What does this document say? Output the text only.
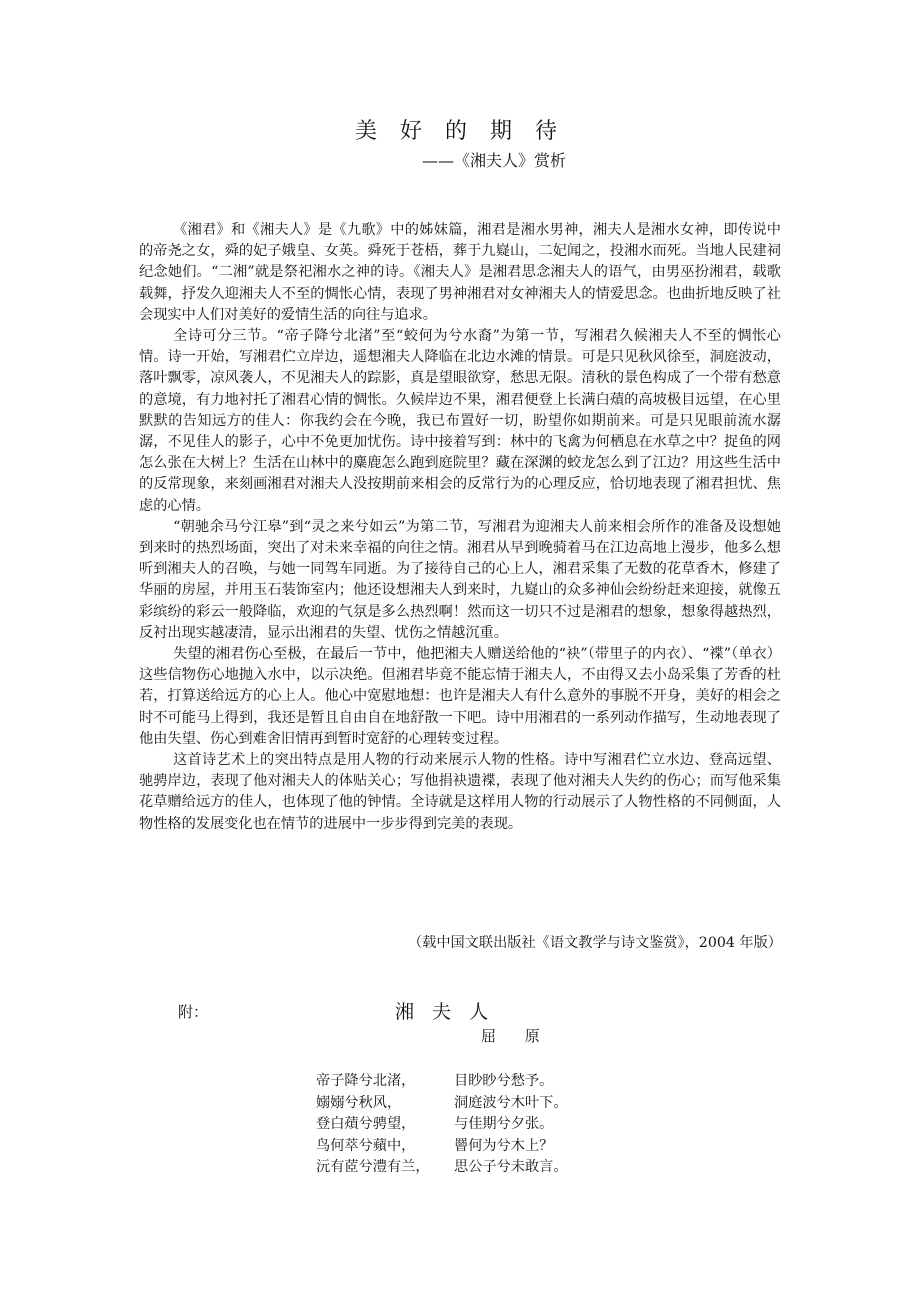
美 好 的 期 待
——《湘夫人》赏析

《湘君》和《湘夫人》是《九歌》中的姊妹篇，湘君是湘水男神，湘夫人是湘水女神，即传说中的帝尧之女，舜的妃子娥皇、女英。舜死于苍梧，葬于九嶷山，二妃闻之，投湘水而死。当地人民建祠纪念她们。“二湘”就是祭祀湘水之神的诗。《湘夫人》是湘君思念湘夫人的语气，由男巫扮湘君，载歌载舞，抒发久迎湘夫人不至的惆怅心情，表现了男神湘君对女神湘夫人的情爱思念。也曲折地反映了社会现实中人们对美好的爱情生活的向往与追求。

全诗可分三节。“帝子降兮北渚”至“蛟何为兮水裔”为第一节，写湘君久候湘夫人不至的惆怅心情。诗一开始，写湘君伫立岸边，遥想湘夫人降临在北边水滩的情景。可是只见秋风徐至，洞庭波动，落叶飘零，凉风袭人，不见湘夫人的踪影，真是望眼欲穿，愁思无限。清秋的景色构成了一个带有愁意的意境，有力地衬托了湘君心情的惆怅。久候岸边不果，湘君便登上长满白薠的高坡极目远望，在心里默默的告知远方的佳人：你我约会在今晚，我已布置好一切，盼望你如期前来。可是只见眼前流水潺潺，不见佳人的影子，心中不免更加忧伤。诗中接着写到：林中的飞禽为何栖息在水草之中？捉鱼的网怎么张在大树上？生活在山林中的麋鹿怎么跑到庭院里？藏在深渊的蛟龙怎么到了江边？用这些生活中的反常现象，来刻画湘君对湘夫人没按期前来相会的反常行为的心理反应，恰切地表现了湘君担忧、焦虑的心情。

“朝驰余马兮江皋”到“灵之来兮如云”为第二节，写湘君为迎湘夫人前来相会所作的准备及设想她到来时的热烈场面，突出了对未来幸福的向往之情。湘君从早到晚骑着马在江边高地上漫步，他多么想听到湘夫人的召唤，与她一同驾车同逝。为了接待自己的心上人，湘君采集了无数的花草香木，修建了华丽的房屋，并用玉石装饰室内；他还设想湘夫人到来时，九嶷山的众多神仙会纷纷赶来迎接，就像五彩缤纷的彩云一般降临，欢迎的气氛是多么热烈啊！然而这一切只不过是湘君的想象，想象得越热烈，反衬出现实越凄清，显示出湘君的失望、忧伤之情越沉重。

失望的湘君伤心至极，在最后一节中，他把湘夫人赠送给他的“袂”（带里子的内衣）、“褋”（单衣）这些信物伤心地抛入水中，以示决绝。但湘君毕竟不能忘情于湘夫人，不由得又去小岛采集了芳香的杜若，打算送给远方的心上人。他心中宽慰地想：也许是湘夫人有什么意外的事脱不开身，美好的相会之时不可能马上得到，我还是暂且自由自在地舒散一下吧。诗中用湘君的一系列动作描写，生动地表现了他由失望、伤心到难舍旧情再到暂时宽舒的心理转变过程。

这首诗艺术上的突出特点是用人物的行动来展示人物的性格。诗中写湘君伫立水边、登高远望、驰骋岸边，表现了他对湘夫人的体贴关心；写他捐袂遗褋，表现了他对湘夫人失约的伤心；而写他采集花草赠给远方的佳人，也体现了他的钟情。全诗就是这样用人物的行动展示了人物性格的不同侧面，人物性格的发展变化也在情节的进展中一步步得到完美的表现。

（载中国文联出版社《语文教学与诗文鉴赏》，2004 年版）
附：	湘 夫 人
屈 原
帝子降兮北渚，	目眇眇兮愁予。
嫋嫋兮秋风，	洞庭波兮木叶下。
登白薠兮骋望，	与佳期兮夕张。
鸟何萃兮蘋中，	罾何为兮木上？
沅有茝兮澧有兰，	思公子兮未敢言。
